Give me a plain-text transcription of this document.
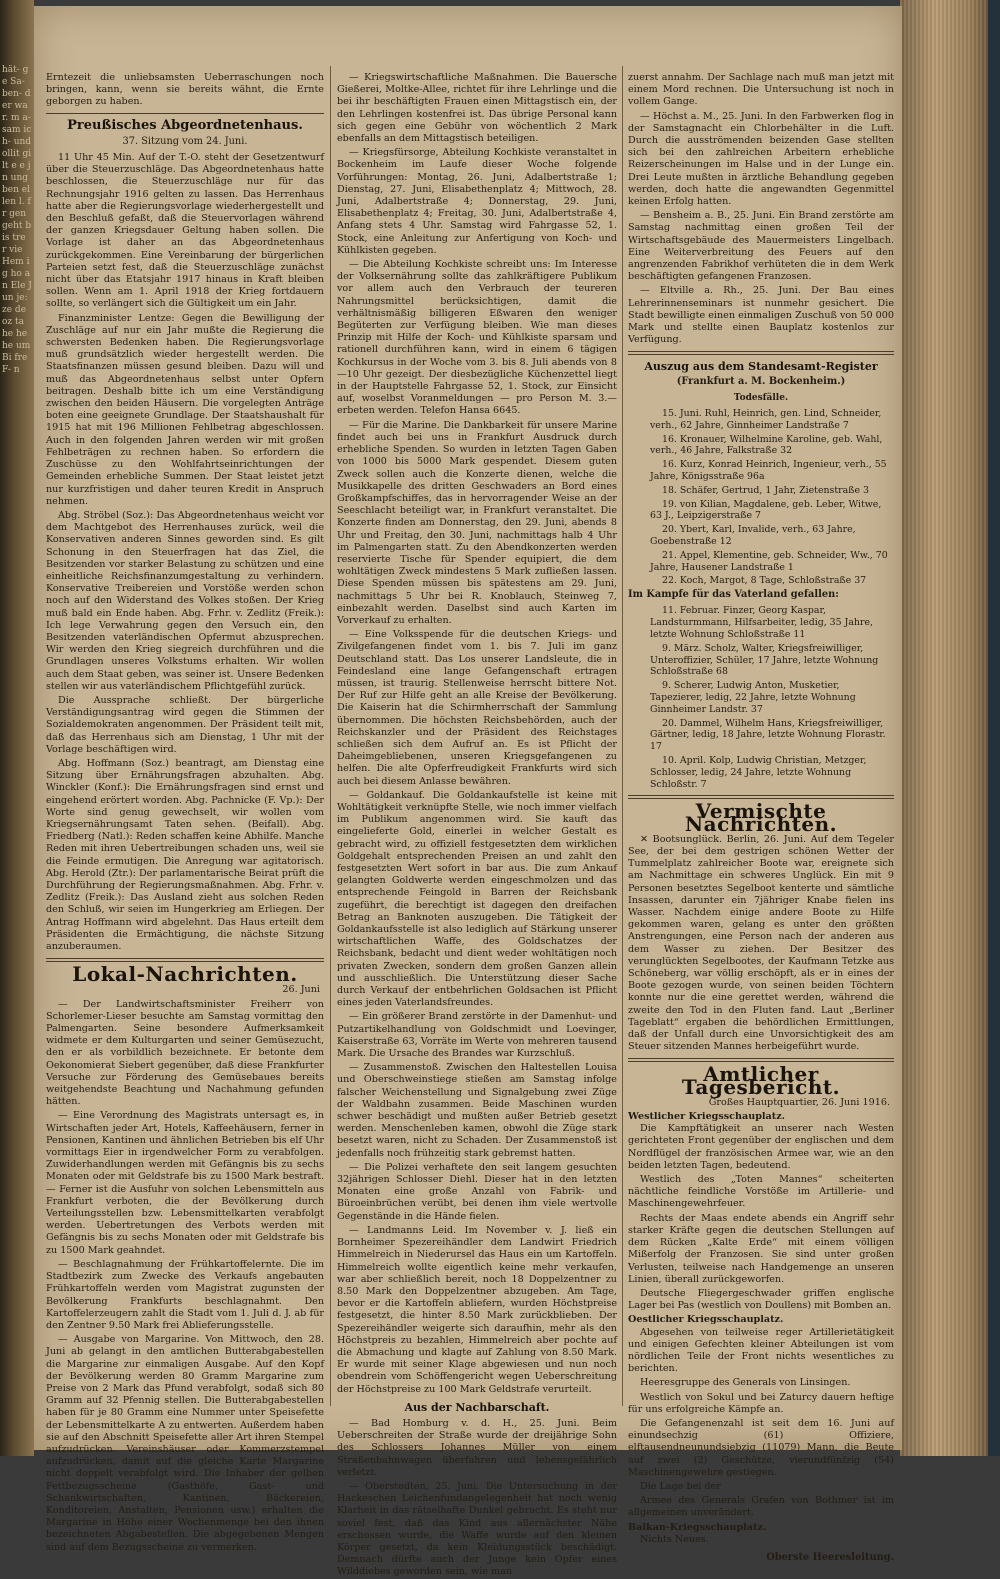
hät- ge Sa- ben- der war. m a- sam ich- und ollit gilt e e jn ung ben ellen l. fr gen geht bis tre r vie Hem ig ho an Ele Jun je: ze de oz ta he he he um Bi fre F- n

Erntezeit die unliebsamsten Ueberraschungen noch bringen, kann, wenn sie bereits wähnt, die Ernte geborgen zu haben.

Preußisches Abgeordnetenhaus.
37. Sitzung vom 24. Juni.

11 Uhr 45 Min. Auf der T.-O. steht der Gesetzentwurf über die Steuerzuschläge. Das Abgeordnetenhaus hatte beschlossen, die Steuerzuschläge nur für das Rechnungsjahr 1916 gelten zu lassen. Das Herrenhaus hatte aber die Regierungsvorlage wiederhergestellt und den Beschluß gefaßt, daß die Steuervorlagen während der ganzen Kriegsdauer Geltung haben sollen. Die Vorlage ist daher an das Abgeordnetenhaus zurückgekommen. Eine Vereinbarung der bürgerlichen Parteien setzt fest, daß die Steuerzuschläge zunächst nicht über das Etatsjahr 1917 hinaus in Kraft bleiben sollen. Wenn am 1. April 1918 der Krieg fortdauern sollte, so verlängert sich die Gültigkeit um ein Jahr.

Finanzminister Lentze: Gegen die Bewilligung der Zuschläge auf nur ein Jahr mußte die Regierung die schwersten Bedenken haben. Die Regierungsvorlage muß grundsätzlich wieder hergestellt werden. Die Staatsfinanzen müssen gesund bleiben. Dazu will und muß das Abgeordnetenhaus selbst unter Opfern beitragen. Deshalb bitte ich um eine Verständigung zwischen den beiden Häusern. Die vorgelegten Anträge boten eine geeignete Grundlage. Der Staatshaushalt für 1915 hat mit 196 Millionen Fehlbetrag abgeschlossen. Auch in den folgenden Jahren werden wir mit großen Fehlbeträgen zu rechnen haben. So erfordern die Zuschüsse zu den Wohlfahrtseinrichtungen der Gemeinden erhebliche Summen. Der Staat leistet jetzt nur kurzfristigen und daher teuren Kredit in Anspruch nehmen.

Abg. Ströbel (Soz.): Das Abgeordnetenhaus weicht vor dem Machtgebot des Herrenhauses zurück, weil die Konservativen anderen Sinnes geworden sind. Es gilt Schonung in den Steuerfragen hat das Ziel, die Besitzenden vor starker Belastung zu schützen und eine einheitliche Reichsfinanzumgestaltung zu verhindern. Konservative Treibereien und Vorstöße werden schon noch auf den Widerstand des Volkes stoßen. Der Krieg muß bald ein Ende haben. Abg. Frhr. v. Zedlitz (Freik.): Ich lege Verwahrung gegen den Versuch ein, den Besitzenden vaterländischen Opfermut abzusprechen. Wir werden den Krieg siegreich durchführen und die Grundlagen unseres Volkstums erhalten. Wir wollen auch dem Staat geben, was seiner ist. Unsere Bedenken stellen wir aus vaterländischem Pflichtgefühl zurück.

Die Aussprache schließt. Der bürgerliche Verständigungsantrag wird gegen die Stimmen der Sozialdemokraten angenommen. Der Präsident teilt mit, daß das Herrenhaus sich am Dienstag, 1 Uhr mit der Vorlage beschäftigen wird.

Abg. Hoffmann (Soz.) beantragt, am Dienstag eine Sitzung über Ernährungsfragen abzuhalten. Abg. Winckler (Konf.): Die Ernährungsfragen sind ernst und eingehend erörtert worden. Abg. Pachnicke (F. Vp.): Der Worte sind genug gewechselt, wir wollen vom Kriegsernährungsamt Taten sehen. (Beifall). Abg. Friedberg (Natl.): Reden schaffen keine Abhilfe. Manche Reden mit ihren Uebertreibungen schaden uns, weil sie die Feinde ermutigen. Die Anregung war agitatorisch. Abg. Herold (Ztr.): Der parlamentarische Beirat prüft die Durchführung der Regierungsmaßnahmen. Abg. Frhr. v. Zedlitz (Freik.): Das Ausland zieht aus solchen Reden den Schluß, wir seien im Hungerkrieg am Erliegen. Der Antrag Hoffmann wird abgelehnt. Das Haus erteilt dem Präsidenten die Ermächtigung, die nächste Sitzung anzuberaumen.

Lokal-Nachrichten.
26. Juni

— Der Landwirtschaftsminister Freiherr von Schorlemer-Lieser besuchte am Samstag vormittag den Palmengarten. Seine besondere Aufmerksamkeit widmete er dem Kulturgarten und seiner Gemüsezucht, den er als vorbildlich bezeichnete. Er betonte dem Oekonomierat Siebert gegenüber, daß diese Frankfurter Versuche zur Förderung des Gemüsebaues bereits weitgehendste Beachtung und Nachahmung gefunden hätten.

— Eine Verordnung des Magistrats untersagt es, in Wirtschaften jeder Art, Hotels, Kaffeehäusern, ferner in Pensionen, Kantinen und ähnlichen Betrieben bis elf Uhr vormittags Eier in irgendwelcher Form zu verabfolgen. Zuwiderhandlungen werden mit Gefängnis bis zu sechs Monaten oder mit Geldstrafe bis zu 1500 Mark bestraft. — Ferner ist die Ausfuhr von solchen Lebensmitteln aus Frankfurt verboten, die der Bevölkerung durch Verteilungsstellen bzw. Lebensmittelkarten verabfolgt werden. Uebertretungen des Verbots werden mit Gefängnis bis zu sechs Monaten oder mit Geldstrafe bis zu 1500 Mark geahndet.

— Beschlagnahmung der Frühkartoffelernte. Die im Stadtbezirk zum Zwecke des Verkaufs angebauten Frühkartoffeln werden vom Magistrat zugunsten der Bevölkerung Frankfurts beschlagnahmt. Den Kartoffelerzeugern zahlt die Stadt vom 1. Juli d. J. ab für den Zentner 9.50 Mark frei Ablieferungsstelle.

— Ausgabe von Margarine. Von Mittwoch, den 28. Juni ab gelangt in den amtlichen Butterabgabestellen die Margarine zur einmaligen Ausgabe. Auf den Kopf der Bevölkerung werden 80 Gramm Margarine zum Preise von 2 Mark das Pfund verabfolgt, sodaß sich 80 Gramm auf 32 Pfennig stellen. Die Butterabgabestellen haben für je 80 Gramm eine Nummer unter Speisefette der Lebensmittelkarte A zu entwerten. Außerdem haben sie auf den Abschnitt Speisefette aller Art ihren Stempel aufzudrücken. Vereinshäuser oder Kommerzstempel aufzudrücken, damit auf die gleiche Karte Margarine nicht doppelt verabfolgt wird. Die Inhaber der gelben Fettbezugsscheine (Gasthöfe, Gast- und Schankwirtschaften, Kantinen, Bäckereien, Konditoreien, Anstalten, Pensionen usw.) erhalten die Margarine in Höhe einer Wochenmenge bei den ihnen bezeichneten Abgabestellen. Die abgegebenen Mengen sind auf dem Bezugsscheine zu vermerken.

— Kriegswirtschaftliche Maßnahmen. Die Bauersche Gießerei, Moltke-Allee, richtet für ihre Lehrlinge und die bei ihr beschäftigten Frauen einen Mittagstisch ein, der den Lehrlingen kostenfrei ist. Das übrige Personal kann sich gegen eine Gebühr von wöchentlich 2 Mark ebenfalls an dem Mittagstisch beteiligen.

— Kriegsfürsorge, Abteilung Kochkiste veranstaltet in Bockenheim im Laufe dieser Woche folgende Vorführungen: Montag, 26. Juni, Adalbertstraße 1; Dienstag, 27. Juni, Elisabethenplatz 4; Mittwoch, 28. Juni, Adalbertstraße 4; Donnerstag, 29. Juni, Elisabethenplatz 4; Freitag, 30. Juni, Adalbertstraße 4, Anfang stets 4 Uhr. Samstag wird Fahrgasse 52, 1. Stock, eine Anleitung zur Anfertigung von Koch- und Kühlkisten gegeben.

— Die Abteilung Kochkiste schreibt uns: Im Interesse der Volksernährung sollte das zahlkräftigere Publikum vor allem auch den Verbrauch der teureren Nahrungsmittel berücksichtigen, damit die verhältnismäßig billigeren Eßwaren den weniger Begüterten zur Verfügung bleiben. Wie man dieses Prinzip mit Hilfe der Koch- und Kühlkiste sparsam und rationell durchführen kann, wird in einem 6 tägigen Kochkursus in der Woche vom 3. bis 8. Juli abends von 8—10 Uhr gezeigt. Der diesbezügliche Küchenzettel liegt in der Hauptstelle Fahrgasse 52, 1. Stock, zur Einsicht auf, woselbst Voranmeldungen — pro Person M. 3.— erbeten werden. Telefon Hansa 6645.

— Für die Marine. Die Dankbarkeit für unsere Marine findet auch bei uns in Frankfurt Ausdruck durch erhebliche Spenden. So wurden in letzten Tagen Gaben von 1000 bis 5000 Mark gespendet. Diesem guten Zweck sollen auch die Konzerte dienen, welche die Musikkapelle des dritten Geschwaders an Bord eines Großkampfschiffes, das in hervorragender Weise an der Seeschlacht beteiligt war, in Frankfurt veranstaltet. Die Konzerte finden am Donnerstag, den 29. Juni, abends 8 Uhr und Freitag, den 30. Juni, nachmittags halb 4 Uhr im Palmengarten statt. Zu den Abendkonzerten werden reservierte Tische für Spender equipiert, die dem wohltätigen Zweck mindestens 5 Mark zufließen lassen. Diese Spenden müssen bis spätestens am 29. Juni, nachmittags 5 Uhr bei R. Knoblauch, Steinweg 7, einbezahlt werden. Daselbst sind auch Karten im Vorverkauf zu erhalten.

— Eine Volksspende für die deutschen Kriegs- und Zivilgefangenen findet vom 1. bis 7. Juli im ganz Deutschland statt. Das Los unserer Landsleute, die in Feindesland eine lange Gefangenschaft ertragen müssen, ist traurig. Stellenweise herrscht bittere Not. Der Ruf zur Hilfe geht an alle Kreise der Bevölkerung. Die Kaiserin hat die Schirmherrschaft der Sammlung übernommen. Die höchsten Reichsbehörden, auch der Reichskanzler und der Präsident des Reichstages schließen sich dem Aufruf an. Es ist Pflicht der Daheimgebliebenen, unseren Kriegsgefangenen zu helfen. Die alte Opferfreudigkeit Frankfurts wird sich auch bei diesem Anlasse bewähren.

— Goldankauf. Die Goldankaufstelle ist keine mit Wohltätigkeit verknüpfte Stelle, wie noch immer vielfach im Publikum angenommen wird. Sie kauft das eingelieferte Gold, einerlei in welcher Gestalt es gebracht wird, zu offiziell festgesetzten dem wirklichen Goldgehalt entsprechenden Preisen an und zahlt den festgesetzten Wert sofort in bar aus. Die zum Ankauf gelangten Goldwerte werden eingeschmolzen und das entsprechende Feingold in Barren der Reichsbank zugeführt, die berechtigt ist dagegen den dreifachen Betrag an Banknoten auszugeben. Die Tätigkeit der Goldankaufsstelle ist also lediglich auf Stärkung unserer wirtschaftlichen Waffe, des Goldschatzes der Reichsbank, bedacht und dient weder wohltätigen noch privaten Zwecken, sondern dem großen Ganzen allein und ausschließlich. Die Unterstützung dieser Sache durch Verkauf der entbehrlichen Goldsachen ist Pflicht eines jeden Vaterlandsfreundes.

— Ein größerer Brand zerstörte in der Damenhut- und Putzartikelhandlung von Goldschmidt und Loevinger, Kaiserstraße 63, Vorräte im Werte von mehreren tausend Mark. Die Ursache des Brandes war Kurzschluß.

— Zusammenstoß. Zwischen den Haltestellen Louisa und Oberschweinstiege stießen am Samstag infolge falscher Weichenstellung und Signalgebung zwei Züge der Waldbahn zusammen. Beide Maschinen wurden schwer beschädigt und mußten außer Betrieb gesetzt werden. Menschenleben kamen, obwohl die Züge stark besetzt waren, nicht zu Schaden. Der Zusammenstoß ist jedenfalls noch frühzeitig stark gebremst hatten.

— Die Polizei verhaftete den seit langem gesuchten 32jährigen Schlosser Diehl. Dieser hat in den letzten Monaten eine große Anzahl von Fabrik- und Büroeinbrüchen verübt, bei denen ihm viele wertvolle Gegenstände in die Hände fielen.

— Landmanns Leid. Im November v. J. ließ ein Bornheimer Spezereihändler dem Landwirt Friedrich Himmelreich in Niederursel das Haus ein um Kartoffeln. Himmelreich wollte eigentlich keine mehr verkaufen, war aber schließlich bereit, noch 18 Doppelzentner zu 8.50 Mark den Doppelzentner abzugeben. Am Tage, bevor er die Kartoffeln abliefern, wurden Höchstpreise festgesetzt, die hinter 8.50 Mark zurückblieben. Der Spezereihändler weigerte sich daraufhin, mehr als den Höchstpreis zu bezahlen, Himmelreich aber pochte auf die Abmachung und klagte auf Zahlung von 8.50 Mark. Er wurde mit seiner Klage abgewiesen und nun noch obendrein vom Schöffengericht wegen Ueberschreitung der Höchstpreise zu 100 Mark Geldstrafe verurteilt.

Aus der Nachbarschaft.

— Bad Homburg v. d. H., 25. Juni. Beim Ueberschreiten der Straße wurde der dreijährige Sohn des Schlossers Johannes Müller von einem Straßenbahnwagen überfahren und lebensgefährlich verletzt.

— Oberstedten, 25. Juni. Die Untersuchung in der Hackeschen Leichenfundangelegenheit hat noch wenig Klarheit in das rätselhafte Dunkel gebracht. Es steht nur soviel fest, daß das Kind aus allernächster Nähe erschossen wurde, die Waffe wurde auf den kleinen Körper gesetzt, da kein Kleidungsstück beschädigt. Demnach dürfte auch der Junge kein Opfer eines Wilddiebes geworden sein, wie man

zuerst annahm. Der Sachlage nach muß man jetzt mit einem Mord rechnen. Die Untersuchung ist noch in vollem Gange.

— Höchst a. M., 25. Juni. In den Farbwerken flog in der Samstagnacht ein Chlorbehälter in die Luft. Durch die ausströmenden beizenden Gase stellten sich bei den zahlreichen Arbeitern erhebliche Reizerscheinungen im Halse und in der Lunge ein. Drei Leute mußten in ärztliche Behandlung gegeben werden, doch hatte die angewandten Gegenmittel keinen Erfolg hatten.

— Bensheim a. B., 25. Juni. Ein Brand zerstörte am Samstag nachmittag einen großen Teil der Wirtschaftsgebäude des Mauermeisters Lingelbach. Eine Weiterverbreitung des Feuers auf den angrenzenden Fabrikhof verhüteten die in dem Werk beschäftigten gefangenen Franzosen.

— Eltville a. Rh., 25. Juni. Der Bau eines Lehrerinnenseminars ist nunmehr gesichert. Die Stadt bewilligte einen einmaligen Zuschuß von 50 000 Mark und stellte einen Bauplatz kostenlos zur Verfügung.

Auszug aus dem Standesamt-Register
(Frankfurt a. M. Bockenheim.)
Todesfälle.

15. Juni. Ruhl, Heinrich, gen. Lind, Schneider, verh., 62 Jahre, Ginnheimer Landstraße 7

16. Kronauer, Wilhelmine Karoline, geb. Wahl, verh., 46 Jahre, Falkstraße 32

16. Kurz, Konrad Heinrich, Ingenieur, verh., 55 Jahre, Königsstraße 96a

18. Schäfer, Gertrud, 1 Jahr, Zietenstraße 3

19. von Kilian, Magdalene, geb. Leber, Witwe, 63 J., Leipzigerstraße 7

20. Ybert, Karl, Invalide, verh., 63 Jahre, Goebenstraße 12

21. Appel, Klementine, geb. Schneider, Ww., 70 Jahre, Hausener Landstraße 1

22. Koch, Margot, 8 Tage, Schloßstraße 37

Im Kampfe für das Vaterland gefallen:

11. Februar. Finzer, Georg Kaspar, Landsturmmann, Hilfsarbeiter, ledig, 35 Jahre, letzte Wohnung Schloßstraße 11

9. März. Scholz, Walter, Kriegsfreiwilliger, Unteroffizier, Schüler, 17 Jahre, letzte Wohnung Schloßstraße 68

9. Scherer, Ludwig Anton, Musketier, Tapezierer, ledig, 22 Jahre, letzte Wohnung Ginnheimer Landstr. 37

20. Dammel, Wilhelm Hans, Kriegsfreiwilliger, Gärtner, ledig, 18 Jahre, letzte Wohnung Florastr. 17

10. April. Kolp, Ludwig Christian, Metzger, Schlosser, ledig, 24 Jahre, letzte Wohnung Schloßstr. 7

Vermischte Nachrichten.

✕ Bootsunglück. Berlin, 26. Juni. Auf dem Tegeler See, der bei dem gestrigen schönen Wetter der Tummelplatz zahlreicher Boote war, ereignete sich am Nachmittage ein schweres Unglück. Ein mit 9 Personen besetztes Segelboot kenterte und sämtliche Insassen, darunter ein 7jähriger Knabe fielen ins Wasser. Nachdem einige andere Boote zu Hilfe gekommen waren, gelang es unter den größten Anstrengungen, eine Person nach der anderen aus dem Wasser zu ziehen. Der Besitzer des verunglückten Segelbootes, der Kaufmann Tetzke aus Schöneberg, war völlig erschöpft, als er in eines der Boote gezogen wurde, von seinen beiden Töchtern konnte nur die eine gerettet werden, während die zweite den Tod in den Fluten fand. Laut „Berliner Tageblatt“ ergaben die behördlichen Ermittlungen, daß der Unfall durch eine Unvorsichtigkeit des am Steuer sitzenden Mannes herbeigeführt wurde.

Amtlicher Tagesbericht.
Großes Hauptquartier, 26. Juni 1916.
Westlicher Kriegsschauplatz.

Die Kampftätigkeit an unserer nach Westen gerichteten Front gegenüber der englischen und dem Nordflügel der französischen Armee war, wie an den beiden letzten Tagen, bedeutend.

Westlich des „Toten Mannes“ scheiterten nächtliche feindliche Vorstöße im Artillerie- und Maschinengewehrfeuer.

Rechts der Maas endete abends ein Angriff sehr starker Kräfte gegen die deutschen Stellungen auf dem Rücken „Kalte Erde“ mit einem völligen Mißerfolg der Franzosen. Sie sind unter großen Verlusten, teilweise nach Handgemenge an unseren Linien, überall zurückgeworfen.

Deutsche Fliegergeschwader griffen englische Lager bei Pas (westlich von Doullens) mit Bomben an.

Oestlicher Kriegsschauplatz.

Abgesehen von teilweise reger Artillerietätigkeit und einigen Gefechten kleiner Abteilungen ist vom nördlichen Teile der Front nichts wesentliches zu berichten.

Heeresgruppe des Generals von Linsingen.

Westlich von Sokul und bei Zaturcy dauern heftige für uns erfolgreiche Kämpfe an.

Die Gefangenenzahl ist seit dem 16. Juni auf einundsechzig (61) Offiziere, elftausendneunundsiebzig (11079) Mann, die Beute auf zwei (2) Geschütze, vierundfünfzig (54) Maschinengewehre gestiegen.

Die Lage bei der

Armee des Generals Grafen von Bothmer ist im allgemeinen unverändert.

Balkan-Kriegsschauplatz.

Nichts Neues.

Oberste Heeresleitung.
